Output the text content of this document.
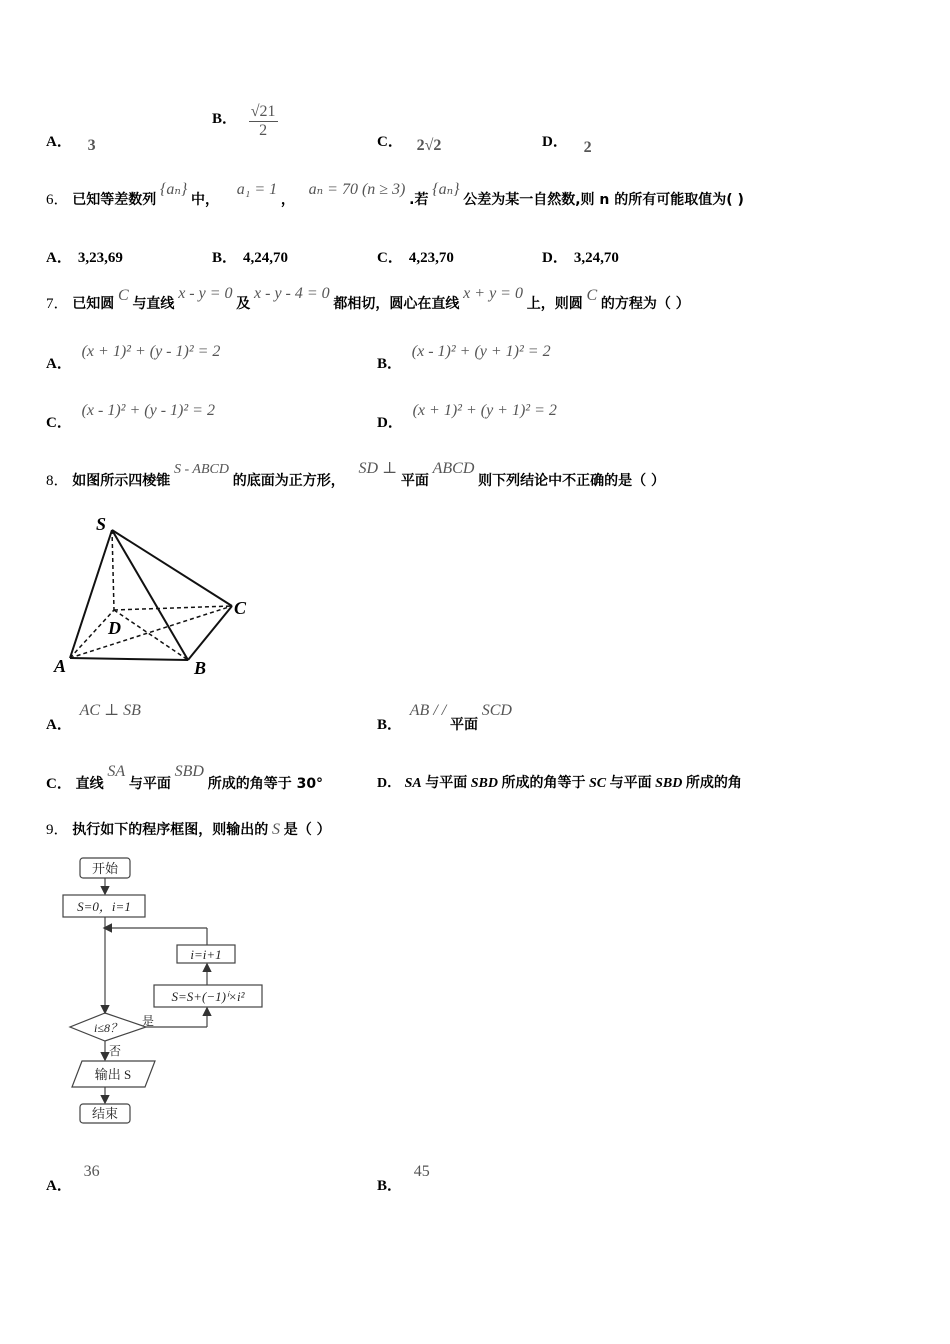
A． 3
B． $\frac{√21}{2}$
C． 2√2	D． 2
6． 已知等差数列 {aₙ} 中， a₁ = 1 ， aₙ = 70 (n ≥ 3) .若 {aₙ} 公差为某一自然数,则 n 的所有可能取值为( )
A． 3,23,69	B． 4,24,70	C． 4,23,70	D． 3,24,70
7． 已知圆 C 与直线 x - y = 0 及 x - y - 4 = 0 都相切，圆心在直线 x + y = 0 上，则圆 C 的方程为（ ）
A． (x + 1)² + (y - 1)² = 2
B． (x - 1)² + (y + 1)² = 2
C． (x - 1)² + (y - 1)² = 2
D． (x + 1)² + (y + 1)² = 2
8． 如图所示四棱锥 S - ABCD 的底面为正方形， SD ⊥ 平面 ABCD 则下列结论中不正确的是（ ）
S
D
C
A	B
A． AC ⊥ SB
B． AB / / 平面 SCD
C． 直线 SA 与平面 SBD 所成的角等于 30°	D． SA 与平面 SBD 所成的角等于 SC 与平面 SBD 所成的角
9． 执行如下的程序框图，则输出的 S 是（ ）
开始
S=0，i=1
i=i+1
S=S+(−1)ⁱ×i²
i≤8？ 是
否
输出 S
结束
A． 36
B． 45
